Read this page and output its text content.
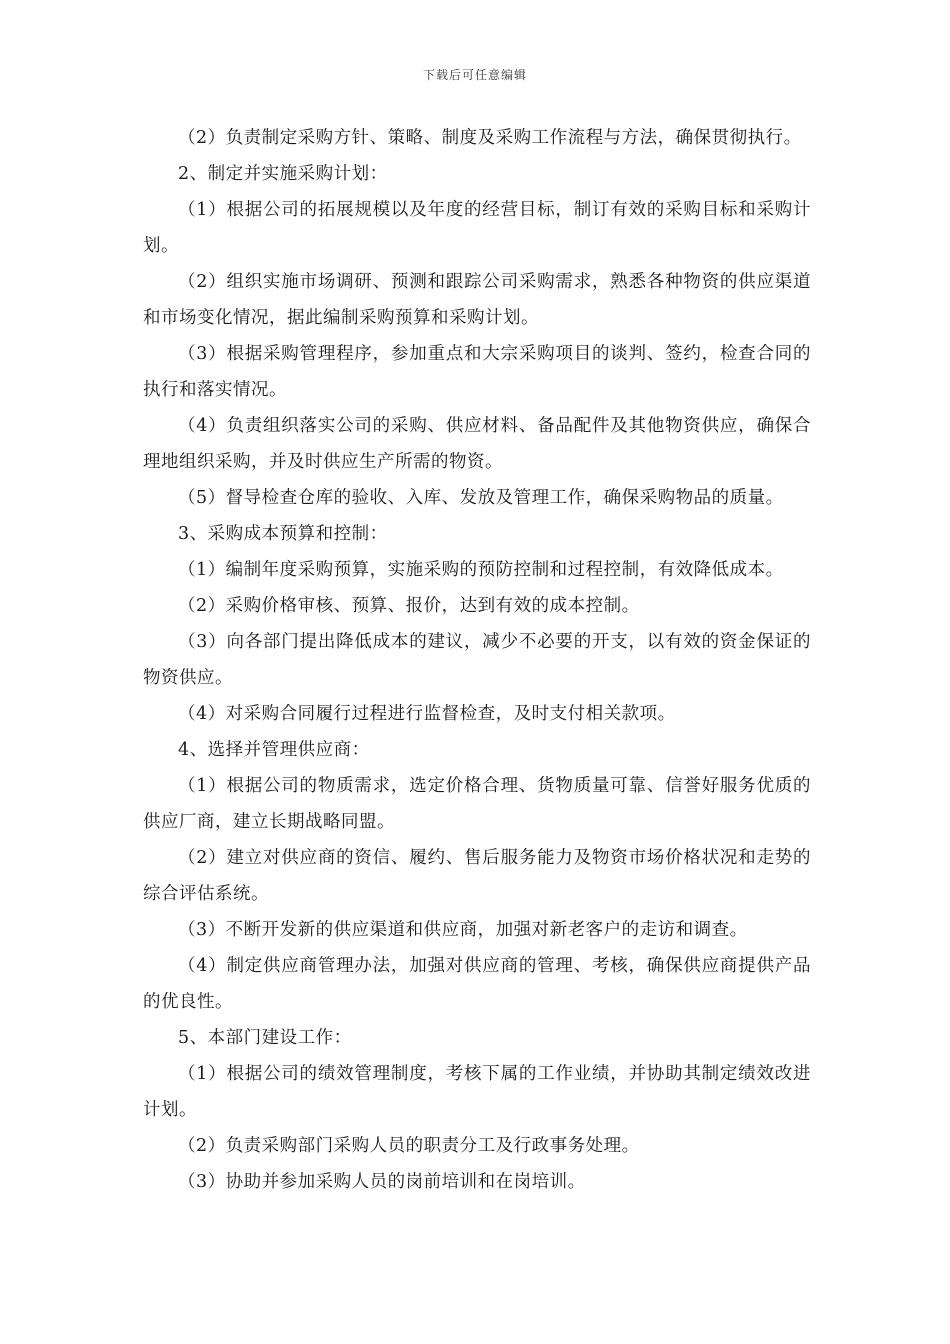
下载后可任意编辑

（2）负责制定采购方针、策略、制度及采购工作流程与方法，确保贯彻执行。

2、制定并实施采购计划：

（1）根据公司的拓展规模以及年度的经营目标，制订有效的采购目标和采购计划。

（2）组织实施市场调研、预测和跟踪公司采购需求，熟悉各种物资的供应渠道和市场变化情况，据此编制采购预算和采购计划。

（3）根据采购管理程序，参加重点和大宗采购项目的谈判、签约，检查合同的执行和落实情况。

（4）负责组织落实公司的采购、供应材料、备品配件及其他物资供应，确保合理地组织采购，并及时供应生产所需的物资。

（5）督导检查仓库的验收、入库、发放及管理工作，确保采购物品的质量。

3、采购成本预算和控制：

（1）编制年度采购预算，实施采购的预防控制和过程控制，有效降低成本。

（2）采购价格审核、预算、报价，达到有效的成本控制。

（3）向各部门提出降低成本的建议，减少不必要的开支，以有效的资金保证的物资供应。

（4）对采购合同履行过程进行监督检查，及时支付相关款项。

4、选择并管理供应商：

（1）根据公司的物质需求，选定价格合理、货物质量可靠、信誉好服务优质的供应厂商，建立长期战略同盟。

（2）建立对供应商的资信、履约、售后服务能力及物资市场价格状况和走势的综合评估系统。

（3）不断开发新的供应渠道和供应商，加强对新老客户的走访和调查。

（4）制定供应商管理办法，加强对供应商的管理、考核，确保供应商提供产品的优良性。

5、本部门建设工作：

（1）根据公司的绩效管理制度，考核下属的工作业绩，并协助其制定绩效改进计划。

（2）负责采购部门采购人员的职责分工及行政事务处理。

（3）协助并参加采购人员的岗前培训和在岗培训。
